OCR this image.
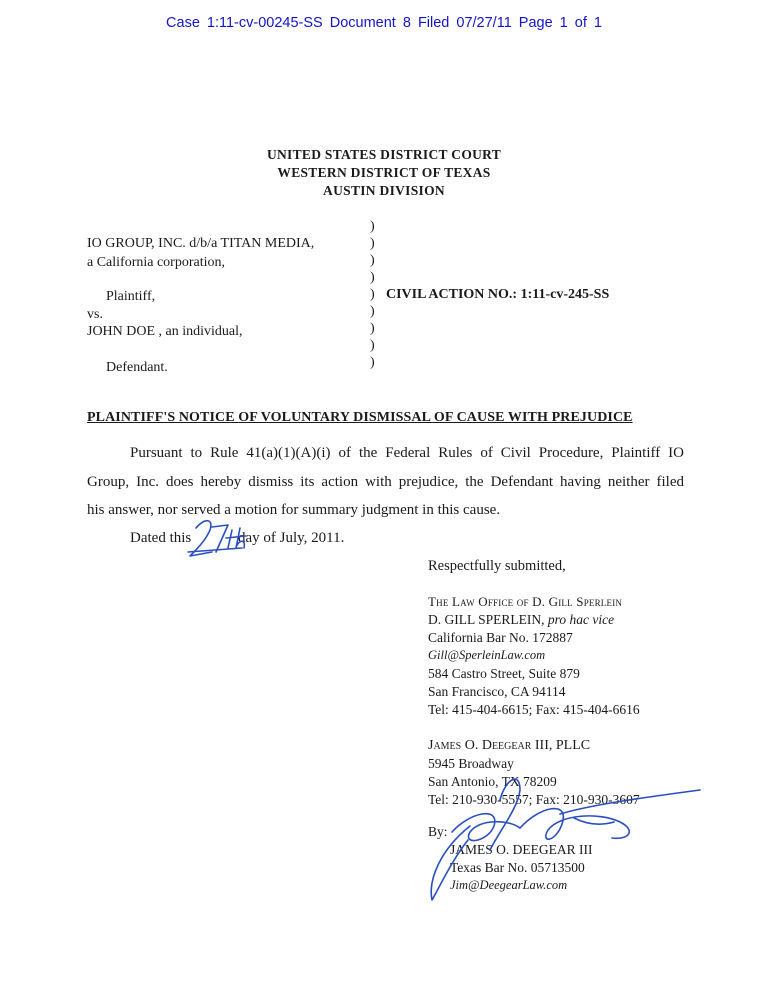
Case 1:11-cv-00245-SS Document 8 Filed 07/27/11 Page 1 of 1
UNITED STATES DISTRICT COURT
WESTERN DISTRICT OF TEXAS
AUSTIN DIVISION
IO GROUP, INC. d/b/a TITAN MEDIA,
a California corporation,
Plaintiff,
vs.
JOHN DOE , an individual,
Defendant.
)
)
)
)
)
)
)
)
)
CIVIL ACTION NO.: 1:11-cv-245-SS
PLAINTIFF'S NOTICE OF VOLUNTARY DISMISSAL OF CAUSE WITH PREJUDICE
Pursuant to Rule 41(a)(1)(A)(i) of the Federal Rules of Civil Procedure, Plaintiff IO
Group, Inc. does hereby dismiss its action with prejudice, the Defendant having neither filed
his answer, nor served a motion for summary judgment in this cause.
Dated this	day of July, 2011.
Respectfully submitted,
The Law Office of D. Gill Sperlein
D. GILL SPERLEIN, pro hac vice
California Bar No. 172887
Gill@SperleinLaw.com
584 Castro Street, Suite 879
San Francisco, CA 94114
Tel: 415-404-6615; Fax: 415-404-6616
James O. Deegear III, PLLC
5945 Broadway
San Antonio, TX 78209
Tel: 210-930-5557; Fax: 210-930-3607
By:
JAMES O. DEEGEAR III
Texas Bar No. 05713500
Jim@DeegearLaw.com
